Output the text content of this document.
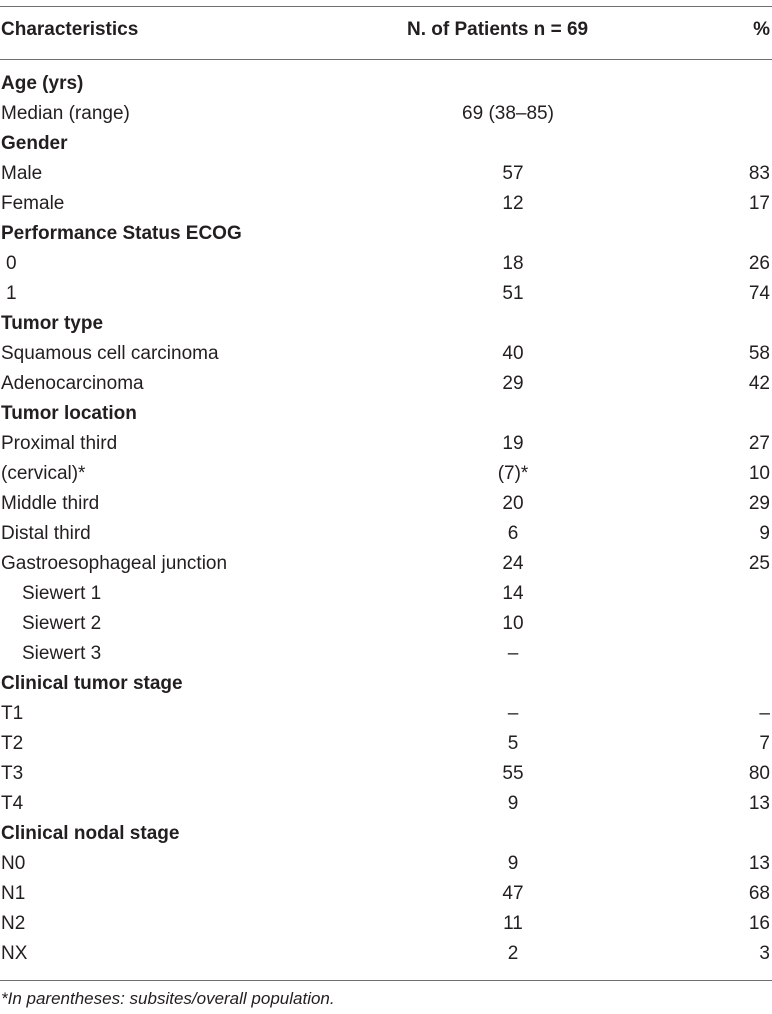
Characteristics	N. of Patients n = 69	%
Age (yrs)
Median (range)	69 (38–85)
Gender
Male	57	83
Female	12	17
Performance Status ECOG
0	18	26
1	51	74
Tumor type
Squamous cell carcinoma	40	58
Adenocarcinoma	29	42
Tumor location
Proximal third	19	27
(cervical)*	(7)*	10
Middle third	20	29
Distal third	6	9
Gastroesophageal junction	24	25
Siewert 1	14
Siewert 2	10
Siewert 3	–
Clinical tumor stage
T1	–	–
T2	5	7
T3	55	80
T4	9	13
Clinical nodal stage
N0	9	13
N1	47	68
N2	11	16
NX	2	3
*In parentheses: subsites/overall population.
